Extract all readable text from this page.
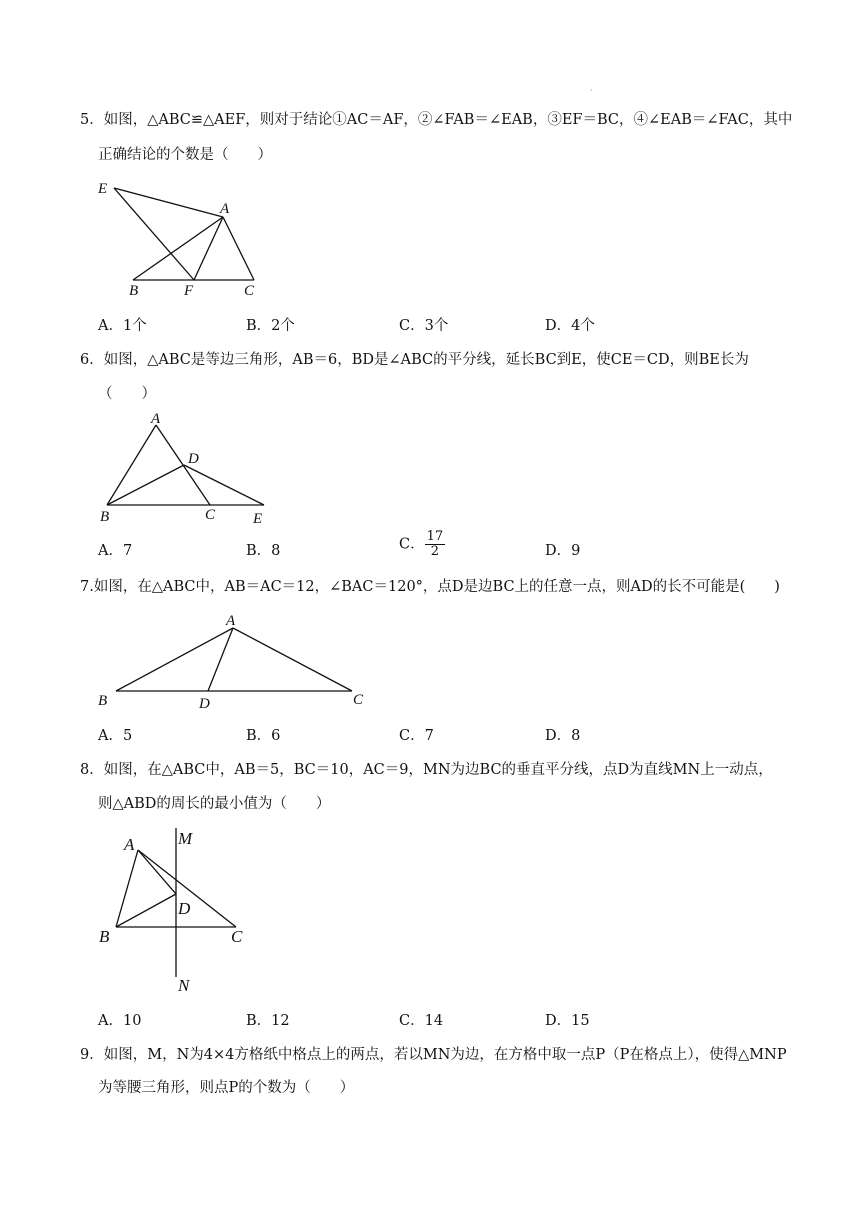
·
5．如图，△ABC≌△AEF，则对于结论①AC＝AF，②∠FAB＝∠EAB，③EF＝BC，④∠EAB＝∠FAC，其中
正确结论的个数是（　　）
E
A
B	F	C
A．1个	B．2个	C．3个	D．4个
6．如图，△ABC是等边三角形，AB＝6，BD是∠ABC的平分线，延长BC到E，使CE＝CD，则BE长为
（　　）
A
D
B	C	E
A．7	B．8	C． $\frac{17}{2}$	D．9
7.如图，在△ABC中，AB＝AC＝12，∠BAC＝120°，点D是边BC上的任意一点，则AD的长不可能是(　　)
A
B	D	C
A．5	B．6	C．7	D．8
8．如图，在△ABC中，AB＝5，BC＝10，AC＝9，MN为边BC的垂直平分线，点D为直线MN上一动点，
则△ABD的周长的最小值为（　　）
M
A
D
B	C
N
A．10	B．12	C．14	D．15
9．如图，M，N为4×4方格纸中格点上的两点，若以MN为边，在方格中取一点P（P在格点上），使得△MNP
为等腰三角形，则点P的个数为（　　）
